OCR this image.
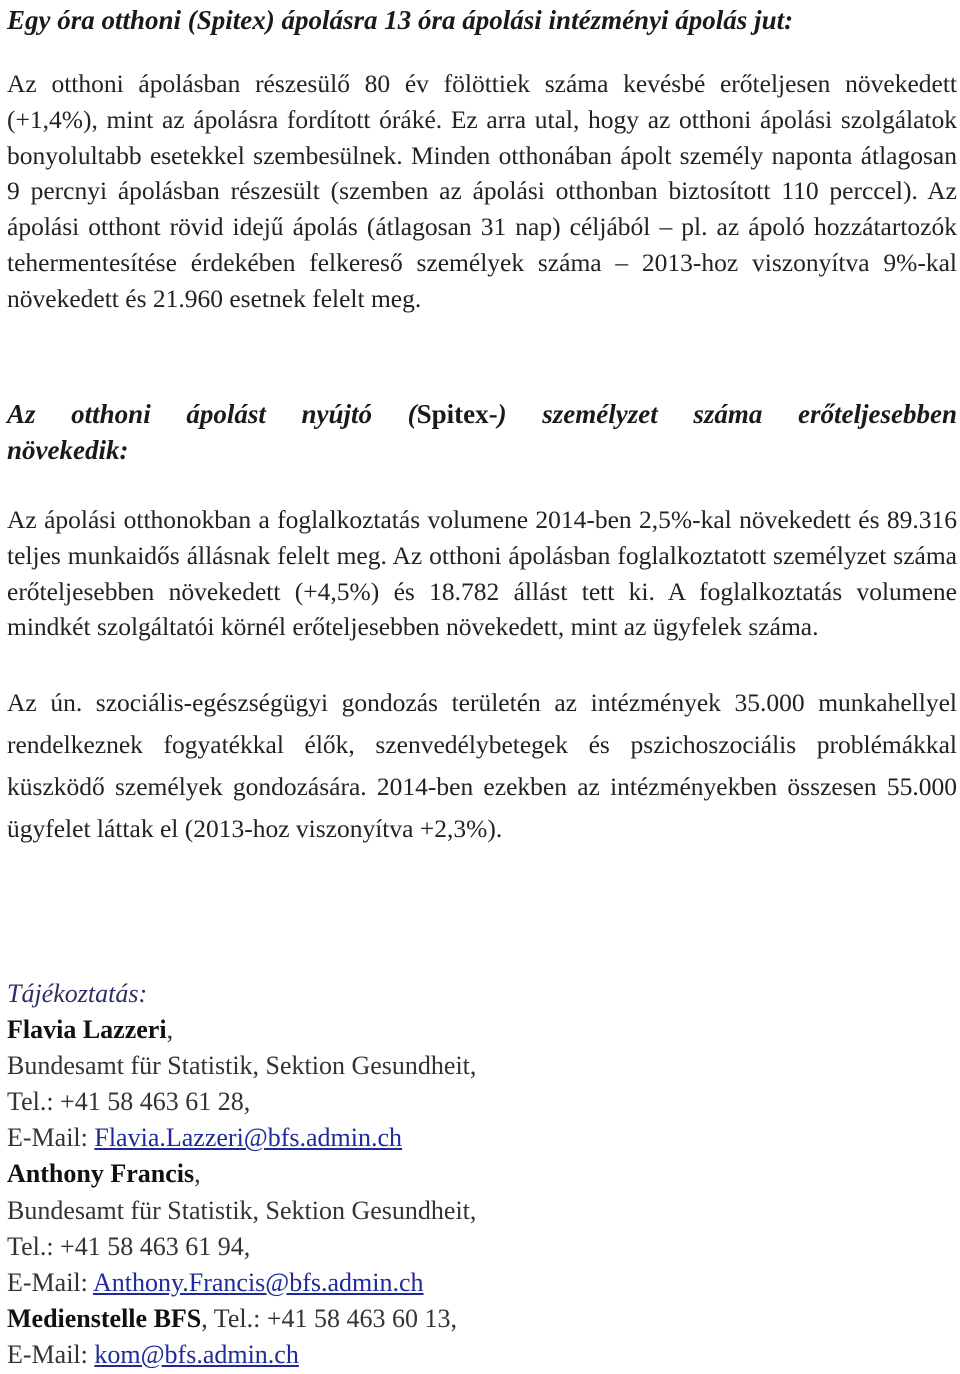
Egy óra otthoni (Spitex) ápolásra 13 óra ápolási intézményi ápolás jut:

Az otthoni ápolásban részesülő 80 év fölöttiek száma kevésbé erőteljesen növekedett (+1,4%), mint az ápolásra fordított óráké. Ez arra utal, hogy az otthoni ápolási szolgálatok bonyolultabb esetekkel szembesülnek. Minden otthonában ápolt személy naponta átlagosan 9 percnyi ápolásban részesült (szemben az ápolási otthonban biztosított 110 perccel). Az ápolási otthont rövid idejű ápolás (átlagosan 31 nap) céljából – pl. az ápoló hozzátartozók tehermentesítése érdekében felkereső személyek száma – 2013-hoz viszonyítva 9%-kal növekedett és 21.960 esetnek felelt meg.

Az otthoni ápolást nyújtó (Spitex-) személyzet száma erőteljesebben
növekedik:

Az ápolási otthonokban a foglalkoztatás volumene 2014-ben 2,5%-kal növekedett és 89.316 teljes munkaidős állásnak felelt meg. Az otthoni ápolásban foglalkoztatott személyzet száma erőteljesebben növekedett (+4,5%) és 18.782 állást tett ki. A foglalkoztatás volumene mindkét szolgáltatói körnél erőteljesebben növekedett, mint az ügyfelek száma.

Az ún. szociális-egészségügyi gondozás területén az intézmények 35.000 munkahellyel rendelkeznek fogyatékkal élők, szenvedélybetegek és pszichoszociális problémákkal küszködő személyek gondozására. 2014-ben ezekben az intézményekben összesen 55.000 ügyfelet láttak el (2013-hoz viszonyítva +2,3%).

Tájékoztatás:
Flavia Lazzeri,
Bundesamt für Statistik, Sektion Gesundheit,
Tel.: +41 58 463 61 28,
E-Mail: Flavia.Lazzeri@bfs.admin.ch
Anthony Francis,
Bundesamt für Statistik, Sektion Gesundheit,
Tel.: +41 58 463 61 94,
E-Mail: Anthony.Francis@bfs.admin.ch
Medienstelle BFS, Tel.: +41 58 463 60 13,
E-Mail: kom@bfs.admin.ch
